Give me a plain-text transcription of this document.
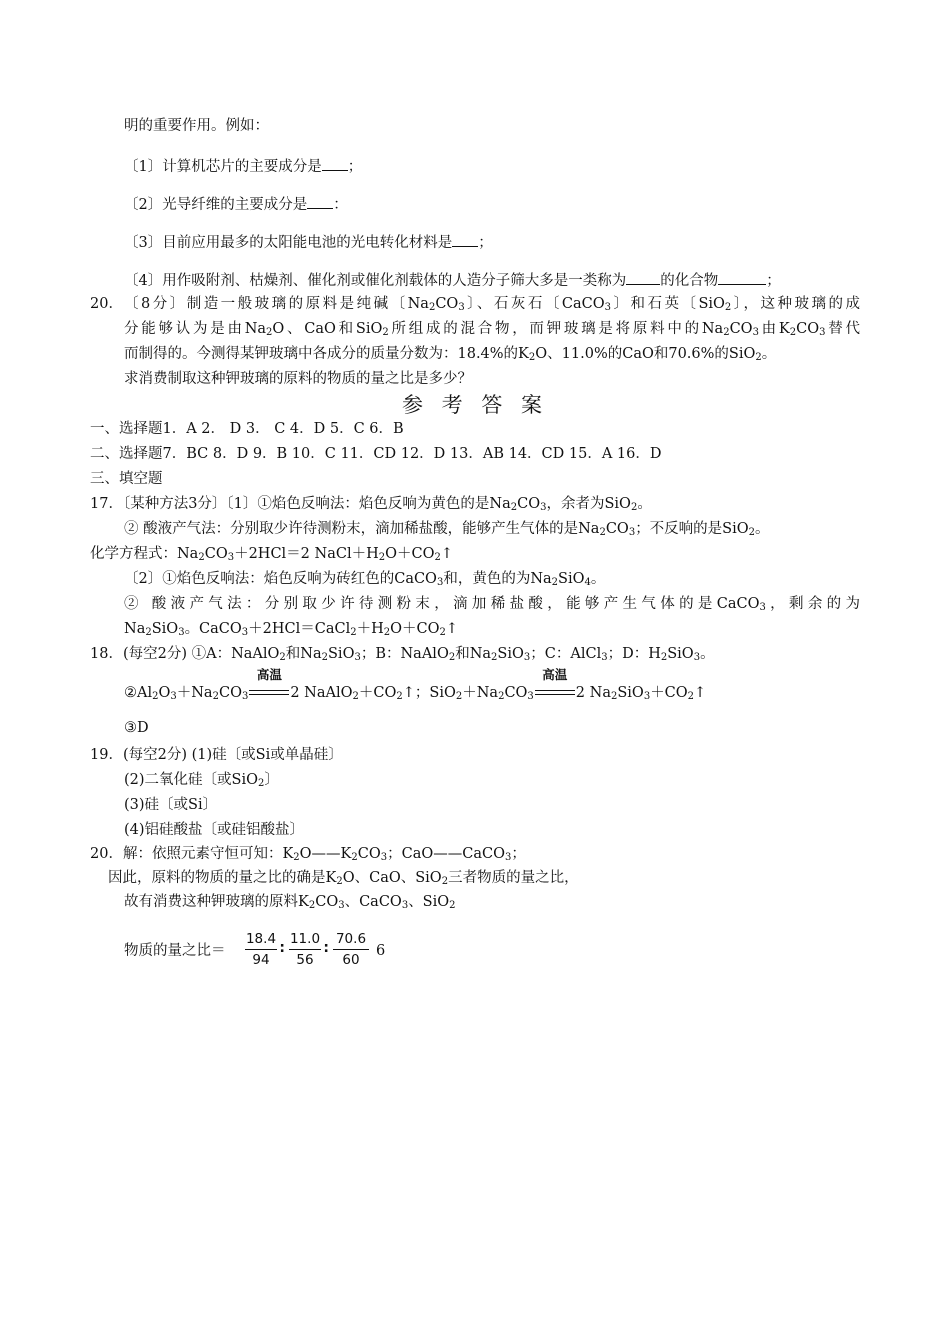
明的重要作用。例如：
〔1〕计算机芯片的主要成分是 ；
〔2〕光导纤维的主要成分是 ：
〔3〕目前应用最多的太阳能电池的光电转化材料是 ；
〔4〕用作吸附剂、枯燥剂、催化剂或催化剂载体的人造分子筛大多是一类称为 的化合物	；
20． 〔8分〕制造一般玻璃的原料是纯碱〔$Na_2CO_3$〕、石灰石〔CaCO$_3$〕和石英〔SiO$_2$〕，这种玻璃的成
分能够认为是由$Na_2O$、CaO和SiO$_2$所组成的混合物，而钾玻璃是将原料中的$Na_2CO_3$由$K_2CO_3$替代
而制得的。今测得某钾玻璃中各成分的质量分数为：18.4%的$K_2O$、11.0%的CaO和70.6%的SiO$_2$。
求消费制取这种钾玻璃的原料的物质的量之比是多少？
参 考 答 案
一、选择题1．A 2． D 3． C 4．D 5．C 6．B
二、选择题7．BC 8．D 9．B 10．C 11．CD 12．D 13．AB 14．CD 15．A 16．D
三、填空题
17．〔某种方法3分〕〔1〕①焰色反响法：焰色反响为黄色的是$Na_2CO_3$，余者为SiO$_2$。
② 酸液产气法：分别取少许待测粉末，滴加稀盐酸，能够产生气体的是$Na_2CO_3$；不反响的是SiO$_2$。
化学方程式：$Na_2CO_3+2HCl=2$ $NaCl+H_2O+CO_2↑$
〔2〕①焰色反响法：焰色反响为砖红色的CaCO$_3$和，黄色的为$Na_2SiO_4$。
② 酸液产气法：分别取少许待测粉末，滴加稀盐酸，能够产生气体的是CaCO$_3$，剩余的为
$Na_2SiO_3$。$CaCO_3+2HCl=CaCl_2+H_2O+CO_2↑$
18．(每空2分) ①A：NaAlO$_2$和$Na_2SiO_3$；B：NaAlO$_2$和$Na_2SiO_3$；C：AlCl$_3$；D：$H_2SiO_3$。
$②Al_2O_3+Na_2CO_3$
高温
2 $NaAlO_2+CO_2↑$；$SiO_2+Na_2CO_3$
高温
2 $Na_2SiO_3+CO_2↑$
③D
19．(每空2分) (1)硅〔或Si或单晶硅〕
(2)二氧化硅〔或SiO$_2$〕
(3)硅〔或Si〕
(4)铝硅酸盐〔或硅铝酸盐〕
20．解：依照元素守恒可知：$K_2O——K_2CO_3$；CaO——CaCO$_3$；
因此，原料的物质的量之比的确是$K_2O$、CaO、SiO$_2$三者物质的量之比，
故有消费这种钾玻璃的原料$K_2CO_3$、CaCO$_3$、SiO$_2$
物质的量之比＝
18.4
94
∶
11.0
56
∶
70.6
60
6
